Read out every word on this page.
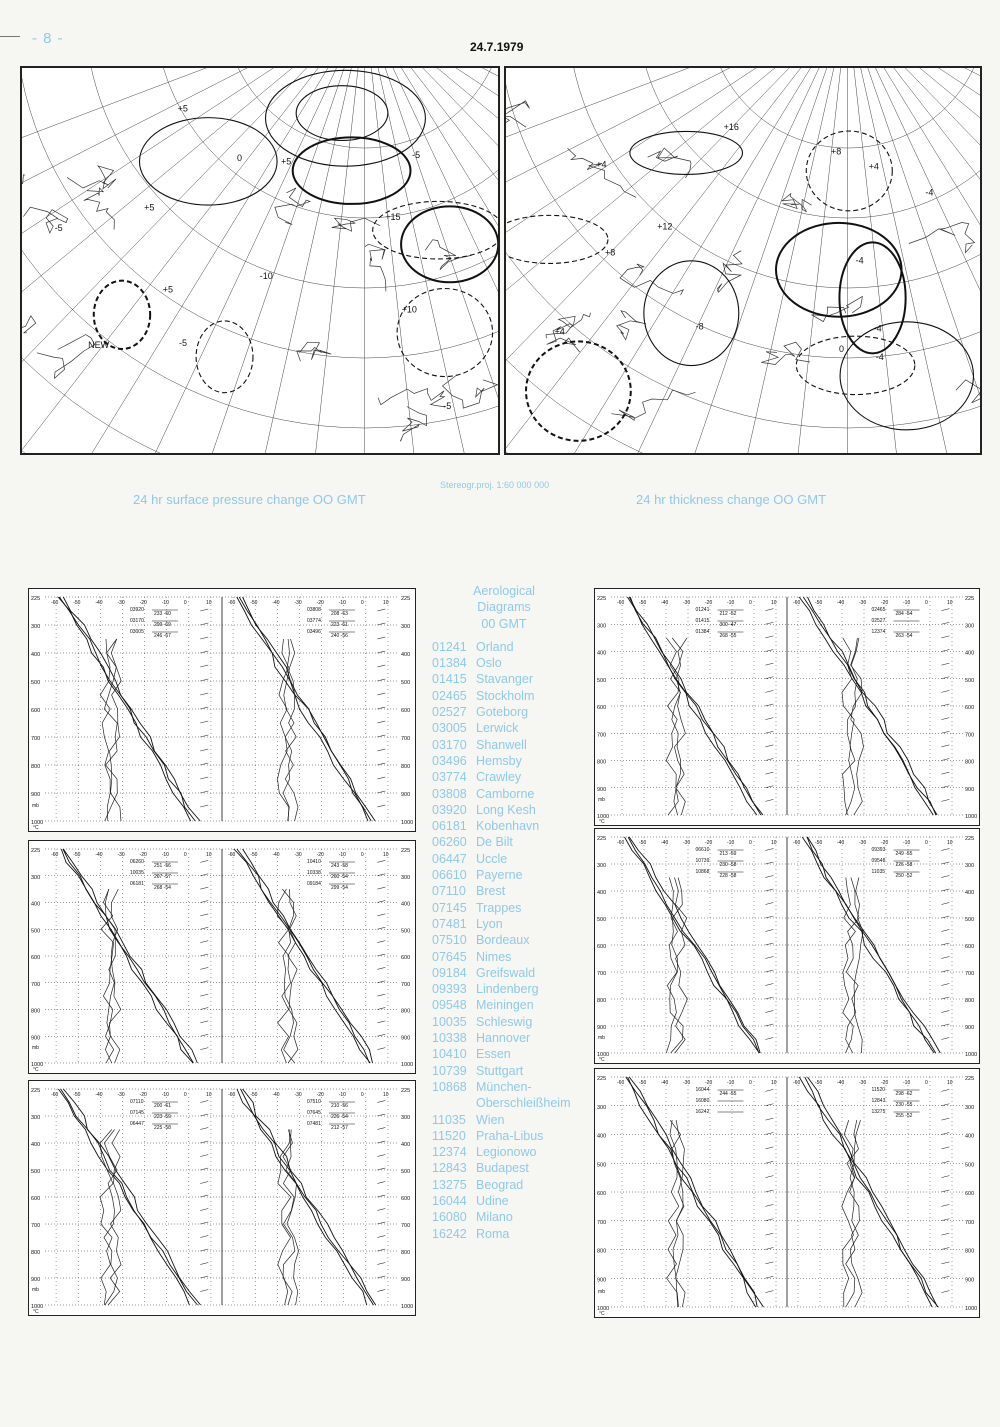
- 8 -	24.7.1979
-5
+5
+10
+15
-5
NEW
-10
+5
-5
+5
0
-5
+5
+16
+12
+8
-4
+4
-8
-4
+8
0
+4
-4
+4
-4
Stereogr.proj. 1:60 000 000
24 hr surface pressure change OO GMT	24 hr thickness change OO GMT
225	225
300	300
400	400
500	500
600	600
700	700
800	800
900	900
1000	1000
-60	-50	-40	-30	-20	-10	0	10	-60	-50	-40	-30	-20	-10	0	10
03920
233 -60
03170
299 -69
03005
246 -67
03808
208 -63
03774
223 -61
03496
240 -56
mb
°C
225	225
300	300
400	400
500	500
600	600
700	700
800	800
900	900
1000	1000
-60	-50	-40	-30	-20	-10	0	10	-60	-50	-40	-30	-20	-10	0	10
06260
251 -56
10035
267 -57
06181
268 -54
10410
243 -58
10338
260 -54
09184
299 -54
mb
°C
225	225
300	300
400	400
500	500
600	600
700	700
800	800
900	900
1000	1000
-60	-50	-40	-30	-20	-10	0	10	-60	-50	-40	-30	-20	-10	0	10
07110
200 -61
07145
223 -59
06447
225 -58
07510
210 -56
07645
226 -54
07481
212 -57
mb
°C
225	225
300	300
400	400
500	500
600	600
700	700
800	800
900	900
1000	1000
-60	-50	-40	-30	-20	-10	0	10	-60	-50	-40	-30	-20	-10	0	10
01241
212 -52
01415
300 -47
01384
268 -55
02465
284 -54
02527
12374
263 -54
mb
°C
225	225
300	300
400	400
500	500
600	600
700	700
800	800
900	900
1000	1000
-60	-50	-40	-30	-20	-10	0	10	-60	-50	-40	-30	-20	-10	0	10
06610
213 -59
10739
230 -58
10868
228 -58
09393
249 -55
09548
226 -58
11035
250 -52
mb
°C
225	225
300	300
400	400
500	500
600	600
700	700
800	800
900	900
1000	1000
-60	-50	-40	-30	-20	-10	0	10	-60	-50	-40	-30	-20	-10	0	10
16044
244 -55
16080
16242
11520
298 -62
12843
230 -55
13275
255 -52
mb
°C
Aerological
Diagrams
00 GMT
01241 Orland
01384 Oslo
01415 Stavanger
02465 Stockholm
02527 Goteborg
03005 Lerwick
03170 Shanwell
03496 Hemsby
03774 Crawley
03808 Camborne
03920 Long Kesh
06181 Kobenhavn
06260 De Bilt
06447 Uccle
06610 Payerne
07110 Brest
07145 Trappes
07481 Lyon
07510 Bordeaux
07645 Nimes
09184 Greifswald
09393 Lindenberg
09548 Meiningen
10035 Schleswig
10338 Hannover
10410 Essen
10739 Stuttgart
10868 München-
Oberschleißheim
11035 Wien
11520 Praha-Libus
12374 Legionowo
12843 Budapest
13275 Beograd
16044 Udine
16080 Milano
16242 Roma
